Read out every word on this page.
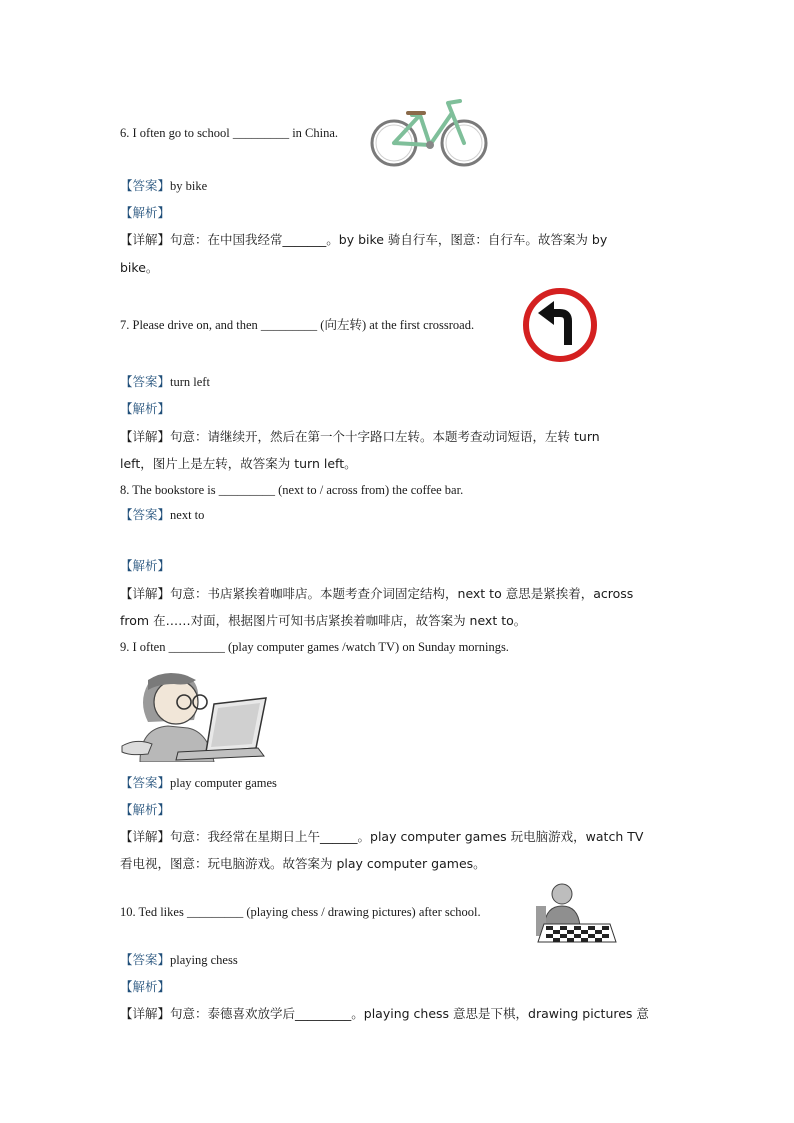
6. I often go to school _________ in China.
【答案】by bike
【解析】
【详解】句意：在中国我经常_______。by bike 骑自行车，图意：自行车。故答案为 by
bike。
7. Please drive on, and then _________ (向左转) at the first crossroad.
【答案】turn left
【解析】
【详解】句意：请继续开，然后在第一个十字路口左转。本题考查动词短语，左转 turn
left，图片上是左转，故答案为 turn left。
8. The bookstore is _________ (next to / across from) the coffee bar.
【答案】next to
【解析】
【详解】句意：书店紧挨着咖啡店。本题考查介词固定结构，next to 意思是紧挨着，across
from 在……对面，根据图片可知书店紧挨着咖啡店，故答案为 next to。
9. I often _________ (play computer games /watch TV) on Sunday mornings.
【答案】play computer games
【解析】
【详解】句意：我经常在星期日上午______。play computer games 玩电脑游戏，watch TV
看电视，图意：玩电脑游戏。故答案为 play computer games。
10. Ted likes _________ (playing chess / drawing pictures) after school.
【答案】playing chess
【解析】
【详解】句意：泰德喜欢放学后_________。playing chess 意思是下棋，drawing pictures 意
